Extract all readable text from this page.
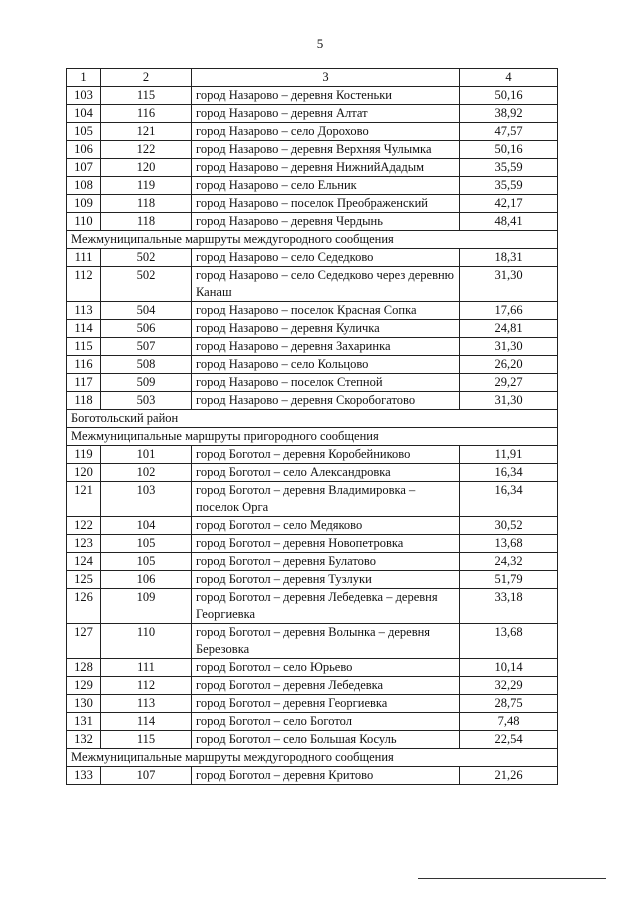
5
1	2	3	4
103	115	город Назарово – деревня Костеньки	50,16
104	116	город Назарово – деревня Алтат	38,92
105	121	город Назарово – село Дорохово	47,57
106	122	город Назарово – деревня Верхняя Чулымка	50,16
107	120	город Назарово – деревня НижнийАдадым	35,59
108	119	город Назарово – село Ельник	35,59
109	118	город Назарово – поселок Преображенский	42,17
110	118	город Назарово – деревня Чердынь	48,41
Межмуниципальные маршруты междугородного сообщения			
111	502	город Назарово – село Седедково	18,31
112	502	город Назарово – село Седедково через деревню Канаш	31,30
113	504	город Назарово – поселок Красная Сопка	17,66
114	506	город Назарово – деревня Куличка	24,81
115	507	город Назарово – деревня Захаринка	31,30
116	508	город Назарово – село Кольцово	26,20
117	509	город Назарово – поселок Степной	29,27
118	503	город Назарово – деревня Скоробогатово	31,30
Боготольский район			
Межмуниципальные маршруты пригородного сообщения			
119	101	город Боготол – деревня Коробейниково	11,91
120	102	город Боготол – село Александровка	16,34
121	103	город Боготол – деревня Владимировка – поселок Орга	16,34
122	104	город Боготол – село Медяково	30,52
123	105	город Боготол – деревня Новопетровка	13,68
124	105	город Боготол – деревня Булатово	24,32
125	106	город Боготол – деревня Тузлуки	51,79
126	109	город Боготол – деревня Лебедевка – деревня Георгиевка	33,18
127	110	город Боготол – деревня Волынка – деревня Березовка	13,68
128	111	город Боготол – село Юрьево	10,14
129	112	город Боготол – деревня Лебедевка	32,29
130	113	город Боготол – деревня Георгиевка	28,75
131	114	город Боготол – село Боготол	7,48
132	115	город Боготол – село Большая Косуль	22,54
Межмуниципальные маршруты междугородного сообщения			
133	107	город Боготол – деревня Критово	21,26
